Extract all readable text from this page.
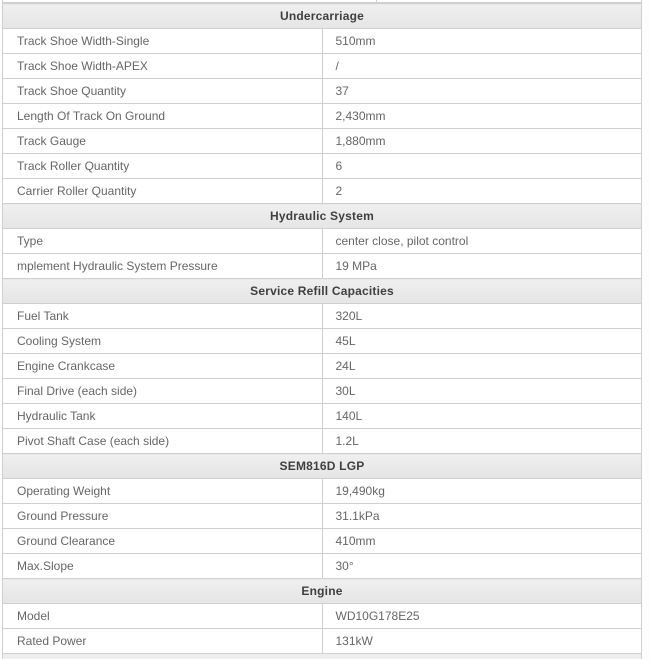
Undercarriage	
Track Shoe Width-Single	510mm
Track Shoe Width-APEX	/
Track Shoe Quantity	37
Length Of Track On Ground	2,430mm
Track Gauge	1,880mm
Track Roller Quantity	6
Carrier Roller Quantity	2
Hydraulic System	
Type	center close, pilot control
mplement Hydraulic System Pressure	19 MPa
Service Refill Capacities	
Fuel Tank	320L
Cooling System	45L
Engine Crankcase	24L
Final Drive (each side)	30L
Hydraulic Tank	140L
Pivot Shaft Case (each side)	1.2L
SEM816D LGP	
Operating Weight	19,490kg
Ground Pressure	31.1kPa
Ground Clearance	410mm
Max.Slope	30°
Engine	
Model	WD10G178E25
Rated Power	131kW
